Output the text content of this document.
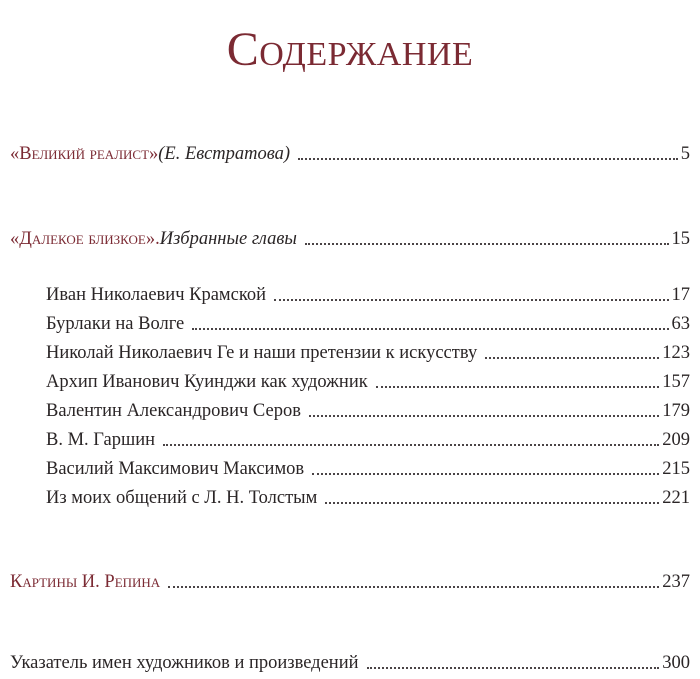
Содержание
«Великий реалист» (Е. Евстратова)	5
«Далекое близкое». Избранные главы	15
Иван Николаевич Крамской	17
Бурлаки на Волге	63
Николай Николаевич Ге и наши претензии к искусству	123
Архип Иванович Куинджи как художник	157
Валентин Александрович Серов	179
В. М. Гаршин	209
Василий Максимович Максимов	215
Из моих общений с Л. Н. Толстым	221
Картины И. Репина	237
Указатель имен художников и произведений	300
